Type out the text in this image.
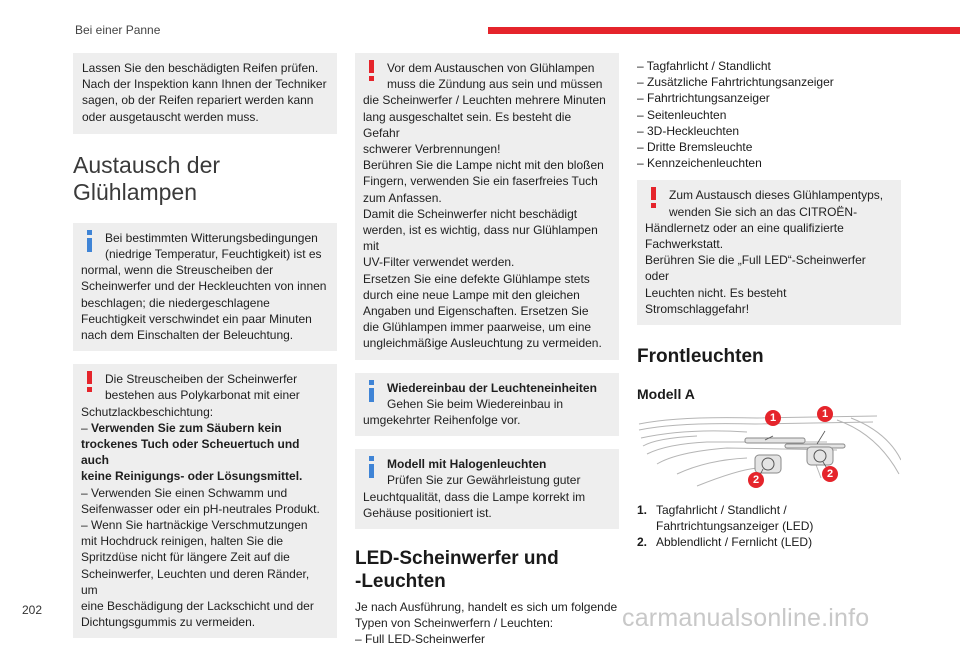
Bei einer Panne

Lassen Sie den beschädigten Reifen prüfen.

Nach der Inspektion kann Ihnen der Techniker

sagen, ob der Reifen repariert werden kann

oder ausgetauscht werden muss.

Austausch der Glühlampen

Bei bestimmten Witterungsbedingungen

(niedrige Temperatur, Feuchtigkeit) ist es

normal, wenn die Streuscheiben der

Scheinwerfer und der Heckleuchten von innen

beschlagen; die niedergeschlagene

Feuchtigkeit verschwindet ein paar Minuten

nach dem Einschalten der Beleuchtung.

Die Streuscheiben der Scheinwerfer

bestehen aus Polykarbonat mit einer

Schutzlackbeschichtung:

– Verwenden Sie zum Säubern kein

trockenes Tuch oder Scheuertuch und auch

keine Reinigungs- oder Lösungsmittel.

– Verwenden Sie einen Schwamm und

Seifenwasser oder ein pH-neutrales Produkt.

– Wenn Sie hartnäckige Verschmutzungen

mit Hochdruck reinigen, halten Sie die

Spritzdüse nicht für längere Zeit auf die

Scheinwerfer, Leuchten und deren Ränder, um

eine Beschädigung der Lackschicht und der

Dichtungsgummis zu vermeiden.

Vor dem Austauschen von Glühlampen

muss die Zündung aus sein und müssen

die Scheinwerfer / Leuchten mehrere Minuten

lang ausgeschaltet sein. Es besteht die Gefahr

schwerer Verbrennungen!

Berühren Sie die Lampe nicht mit den bloßen

Fingern, verwenden Sie ein faserfreies Tuch

zum Anfassen.

Damit die Scheinwerfer nicht beschädigt

werden, ist es wichtig, dass nur Glühlampen mit

UV-Filter verwendet werden.

Ersetzen Sie eine defekte Glühlampe stets

durch eine neue Lampe mit den gleichen

Angaben und Eigenschaften. Ersetzen Sie

die Glühlampen immer paarweise, um eine

ungleichmäßige Ausleuchtung zu vermeiden.

Wiedereinbau der Leuchteneinheiten

Gehen Sie beim Wiedereinbau in

umgekehrter Reihenfolge vor.

Modell mit Halogenleuchten

Prüfen Sie zur Gewährleistung guter

Leuchtqualität, dass die Lampe korrekt im

Gehäuse positioniert ist.

LED-Scheinwerfer und

-Leuchten

Je nach Ausführung, handelt es sich um folgende

Typen von Scheinwerfern / Leuchten:

– Full LED-Scheinwerfer

– Tagfahrlicht / Standlicht

– Zusätzliche Fahrtrichtungsanzeiger

– Fahrtrichtungsanzeiger

– Seitenleuchten

– 3D-Heckleuchten

– Dritte Bremsleuchte

– Kennzeichenleuchten

Zum Austausch dieses Glühlampentyps,

wenden Sie sich an das CITROËN-

Händlernetz oder an eine qualifizierte

Fachwerkstatt.

Berühren Sie die „Full LED“-Scheinwerfer oder

Leuchten nicht. Es besteht Stromschlaggefahr!

Frontleuchten
Modell A
1	1
2	2
1. Tagfahrlicht / Standlicht /

Fahrtrichtungsanzeiger (LED)

2. Abblendlicht / Fernlicht (LED)

202	carmanualsonline.info
